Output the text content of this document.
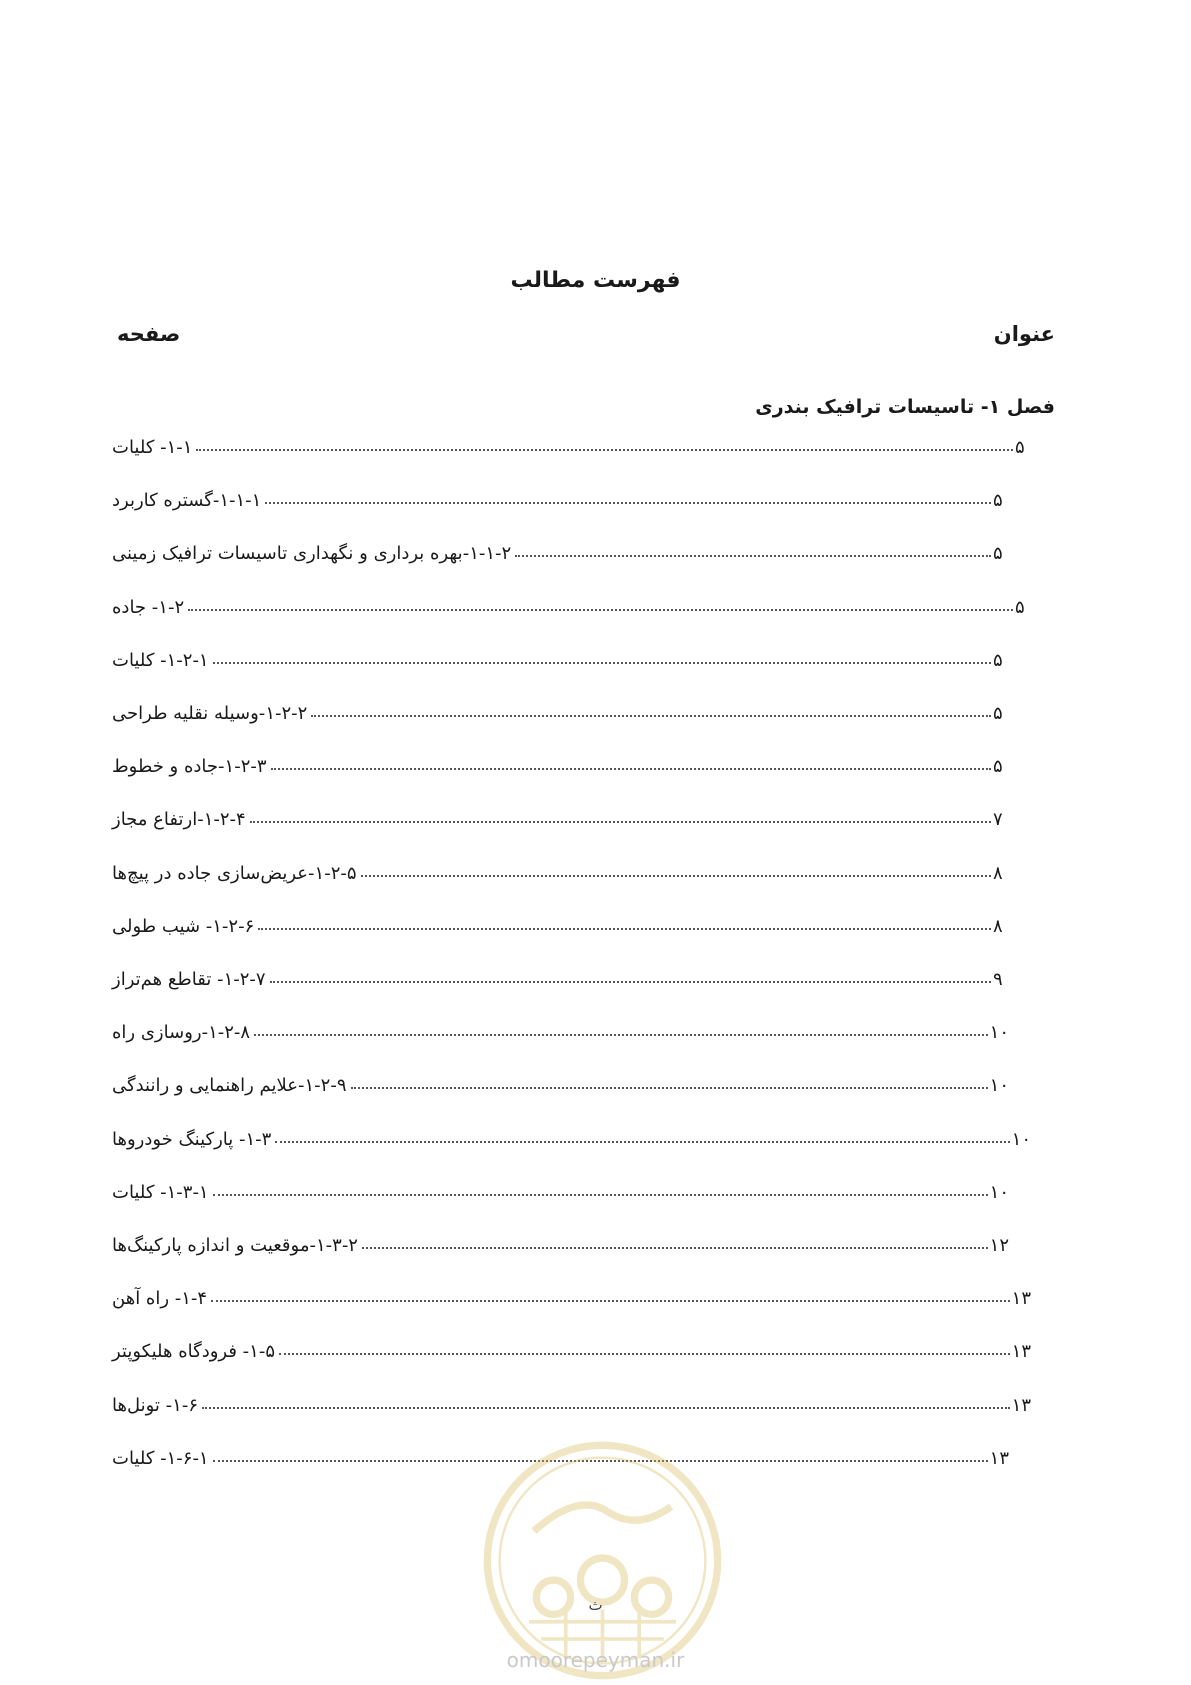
فهرست مطالب
عنوان
صفحه
فصل ۱- تاسیسات ترافیک بندری
۱-۱- کلیات	۵
۱-۱-۱-گستره کاربرد	۵
۱-۱-۲-بهره برداری و نگهداری تاسیسات ترافیک زمینی	۵
۱-۲- جاده	۵
۱-۲-۱- کلیات	۵
۱-۲-۲-وسیله نقلیه طراحی	۵
۱-۲-۳-جاده و خطوط	۵
۱-۲-۴-ارتفاع مجاز	۷
۱-۲-۵-عریض‌سازی جاده در پیچ‌ها	۸
۱-۲-۶- شیب طولی	۸
۱-۲-۷- تقاطع هم‌تراز	۹
۱-۲-۸-روسازی راه	۱۰
۱-۲-۹-علایم راهنمایی و رانندگی	۱۰
۱-۳- پارکینگ خودروها	۱۰
۱-۳-۱- کلیات	۱۰
۱-۳-۲-موقعیت و اندازه پارکینگ‌ها	۱۲
۱-۴- راه آهن	۱۳
۱-۵- فرودگاه هلیکوپتر	۱۳
۱-۶- تونل‌ها	۱۳
۱-۶-۱- کلیات	۱۳
ث
omoorepeyman.ir
